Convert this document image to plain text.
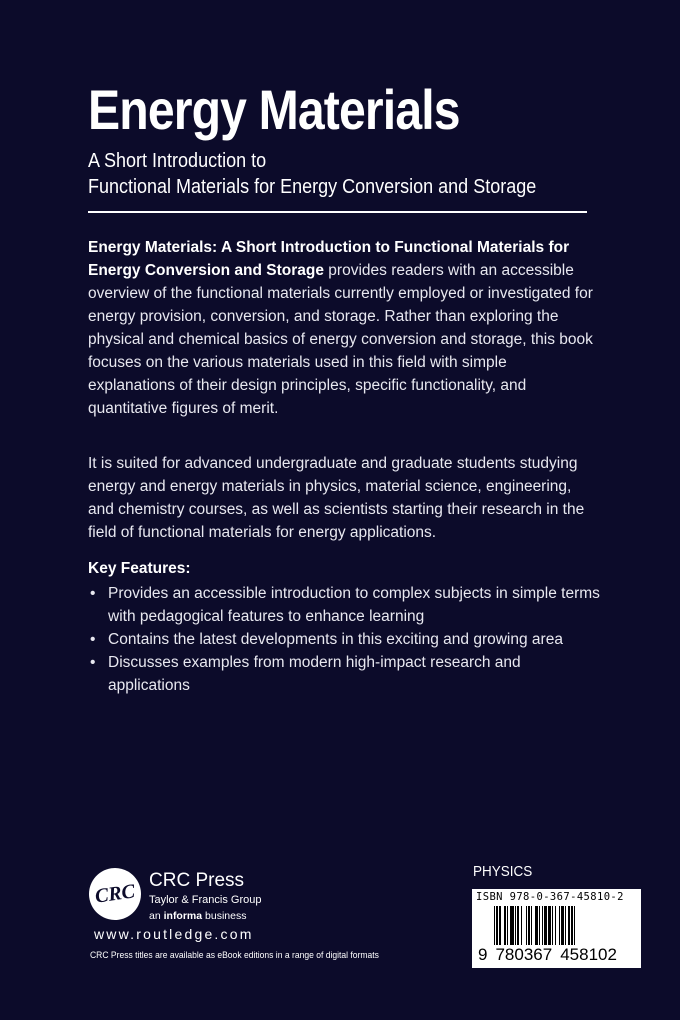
Energy Materials
A Short Introduction to
Functional Materials for Energy Conversion and Storage
Energy Materials: A Short Introduction to Functional Materials for Energy Conversion and Storage provides readers with an accessible overview of the functional materials currently employed or investigated for energy provision, conversion, and storage. Rather than exploring the physical and chemical basics of energy conversion and storage, this book focuses on the various materials used in this field with simple explanations of their design principles, specific functionality, and quantitative figures of merit.
It is suited for advanced undergraduate and graduate students studying energy and energy materials in physics, material science, engineering, and chemistry courses, as well as scientists starting their research in the field of functional materials for energy applications.
Key Features:
• Provides an accessible introduction to complex subjects in simple terms with pedagogical features to enhance learning
• Contains the latest developments in this exciting and growing area
• Discusses examples from modern high-impact research and applications
CRC CRC Press
Taylor & Francis Group
an informa business
www.routledge.com
CRC Press titles are available as eBook editions in a range of digital formats
PHYSICS
ISBN 978-0-367-45810-2
9 780367 458102
